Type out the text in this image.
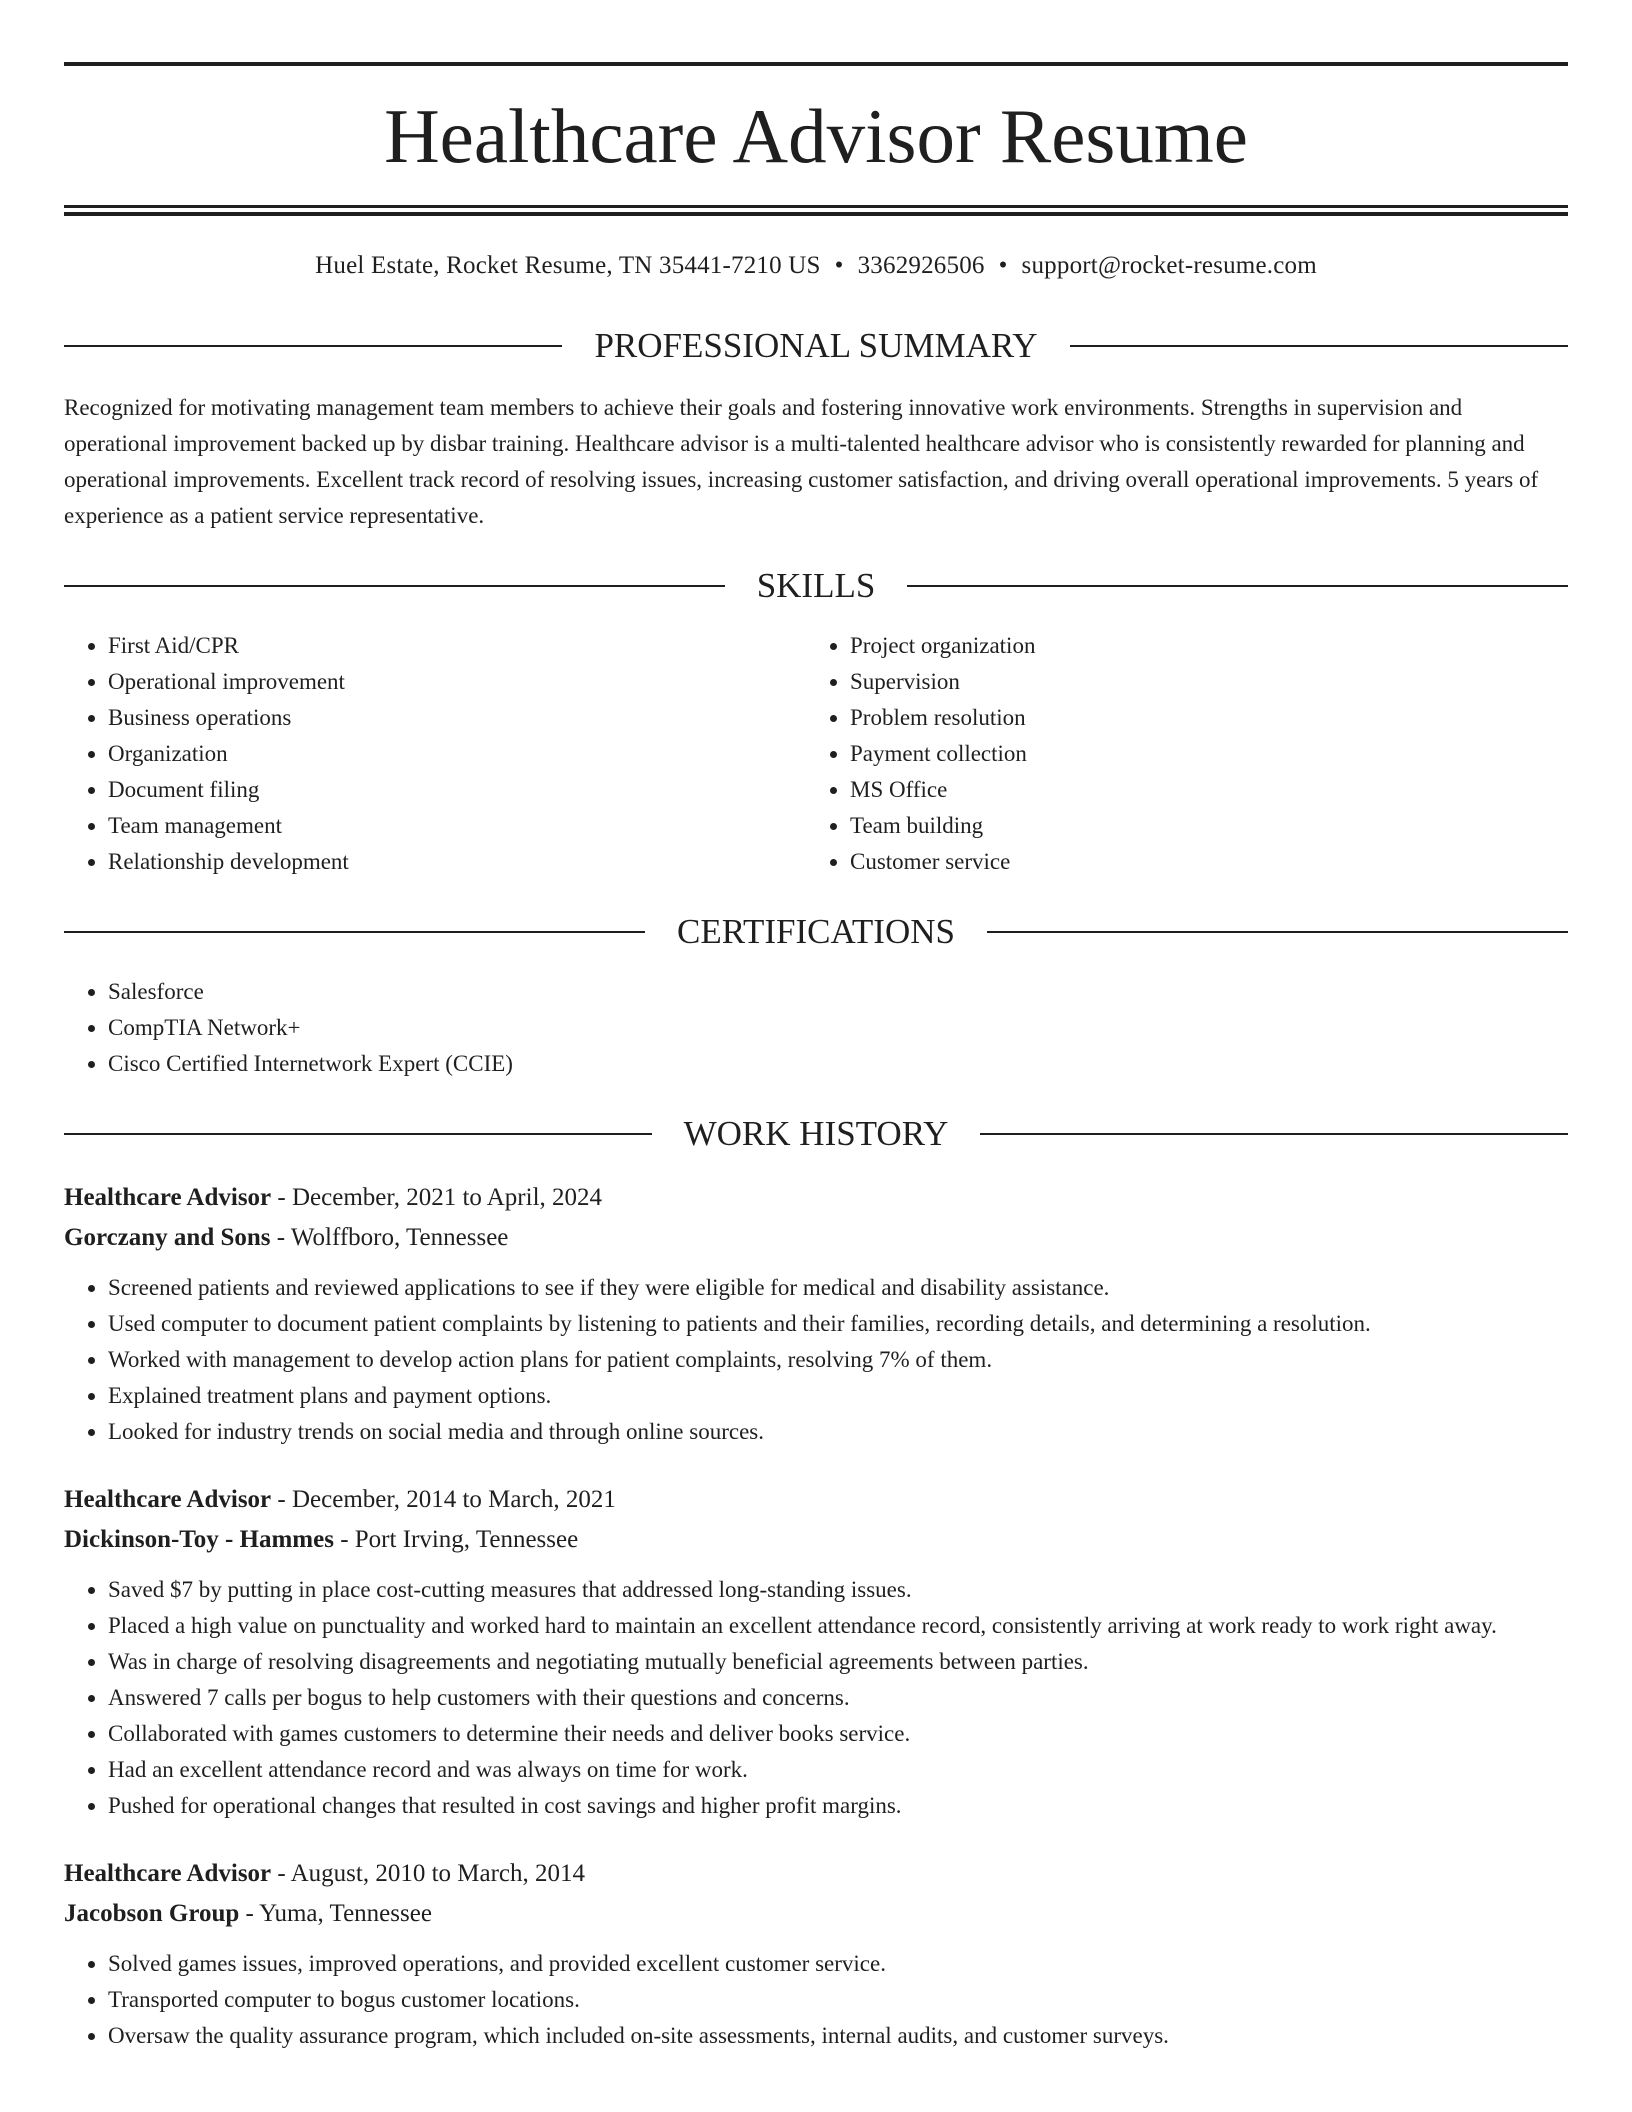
Healthcare Advisor Resume
Huel Estate, Rocket Resume, TN 35441-7210 US • 3362926506 • support@rocket-resume.com
PROFESSIONAL SUMMARY

Recognized for motivating management team members to achieve their goals and fostering innovative work environments. Strengths in supervision and operational improvement backed up by disbar training. Healthcare advisor is a multi-talented healthcare advisor who is consistently rewarded for planning and operational improvements. Excellent track record of resolving issues, increasing customer satisfaction, and driving overall operational improvements. 5 years of experience as a patient service representative.

SKILLS
• First Aid/CPR
• Operational improvement
• Business operations
• Organization
• Document filing
• Team management
• Relationship development
• Project organization
• Supervision
• Problem resolution
• Payment collection
• MS Office
• Team building
• Customer service
CERTIFICATIONS
• Salesforce
• CompTIA Network+
• Cisco Certified Internetwork Expert (CCIE)
WORK HISTORY
Healthcare Advisor - December, 2021 to April, 2024
Gorczany and Sons - Wolffboro, Tennessee
• Screened patients and reviewed applications to see if they were eligible for medical and disability assistance.
• Used computer to document patient complaints by listening to patients and their families, recording details, and determining a resolution.
• Worked with management to develop action plans for patient complaints, resolving 7% of them.
• Explained treatment plans and payment options.
• Looked for industry trends on social media and through online sources.
Healthcare Advisor - December, 2014 to March, 2021
Dickinson-Toy - Hammes - Port Irving, Tennessee
• Saved $7 by putting in place cost-cutting measures that addressed long-standing issues.
• Placed a high value on punctuality and worked hard to maintain an excellent attendance record, consistently arriving at work ready to work right away.
• Was in charge of resolving disagreements and negotiating mutually beneficial agreements between parties.
• Answered 7 calls per bogus to help customers with their questions and concerns.
• Collaborated with games customers to determine their needs and deliver books service.
• Had an excellent attendance record and was always on time for work.
• Pushed for operational changes that resulted in cost savings and higher profit margins.
Healthcare Advisor - August, 2010 to March, 2014
Jacobson Group - Yuma, Tennessee
• Solved games issues, improved operations, and provided excellent customer service.
• Transported computer to bogus customer locations.
• Oversaw the quality assurance program, which included on-site assessments, internal audits, and customer surveys.
